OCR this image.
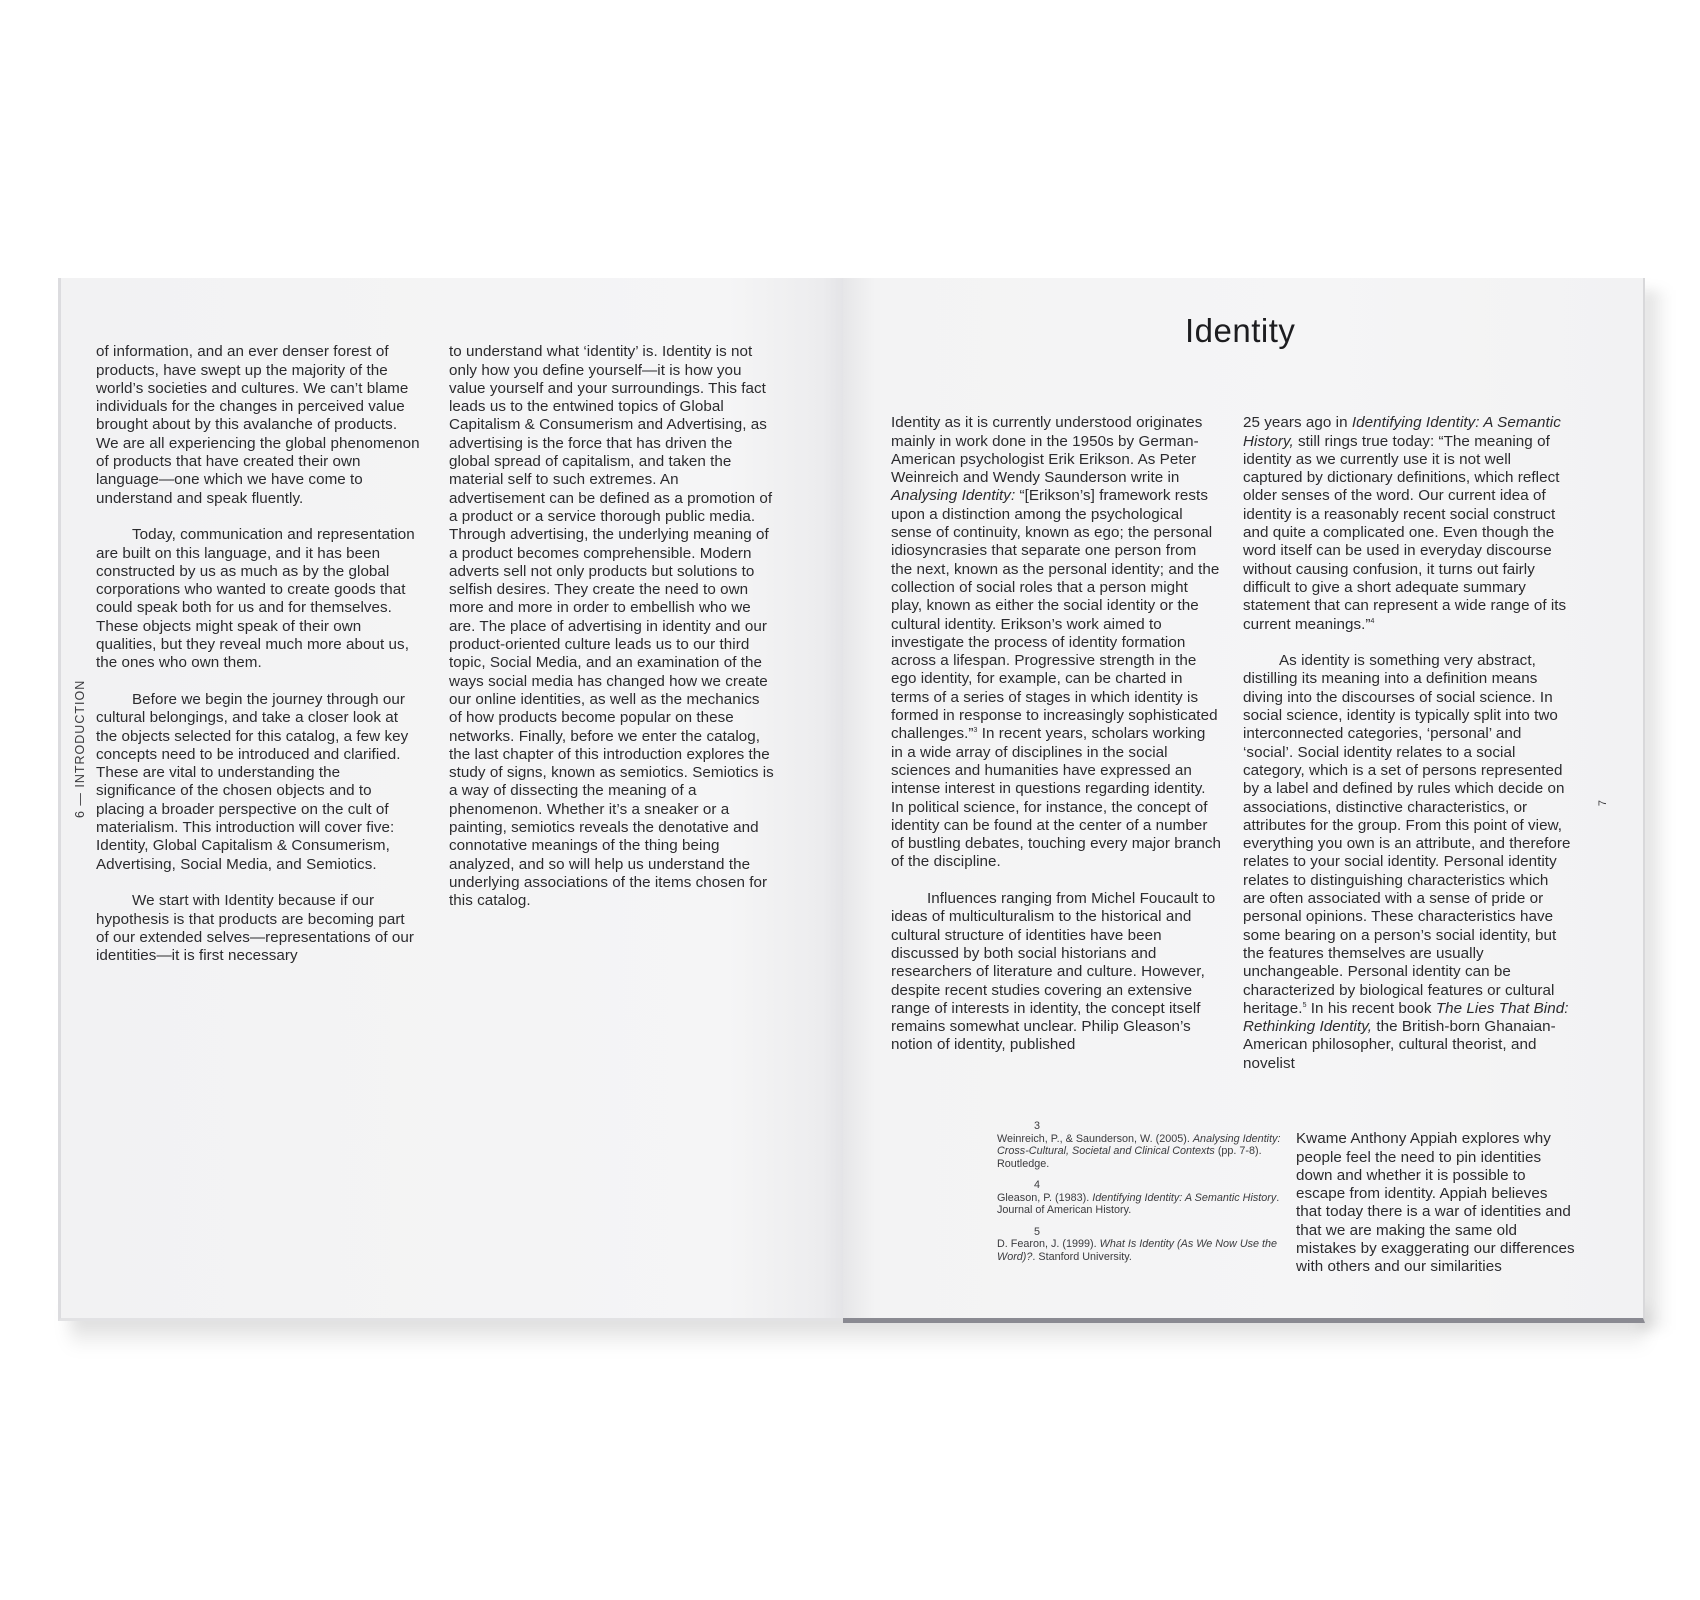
6 — INTRODUCTION

of information, and an ever denser forest of products, have swept up the majority of the world’s societies and cultures. We can’t blame individuals for the changes in perceived value brought about by this avalanche of products. We are all experiencing the global phenomenon of products that have created their own language—one which we have come to understand and speak fluently.

Today, communication and representation are built on this language, and it has been constructed by us as much as by the global corporations who wanted to create goods that could speak both for us and for themselves. These objects might speak of their own qualities, but they reveal much more about us, the ones who own them.

Before we begin the journey through our cultural belongings, and take a closer look at the objects selected for this catalog, a few key concepts need to be introduced and clarified. These are vital to understanding the significance of the chosen objects and to placing a broader perspective on the cult of materialism. This introduction will cover five: Identity, Global Capitalism & Consumerism, Advertising, Social Media, and Semiotics.

We start with Identity because if our hypothesis is that products are becoming part of our extended selves—representations of our identities—it is first necessary

to understand what ‘identity’ is. Identity is not only how you define yourself—it is how you value yourself and your surroundings. This fact leads us to the entwined topics of Global Capitalism & Consumerism and Advertising, as advertising is the force that has driven the global spread of capitalism, and taken the material self to such extremes. An advertisement can be defined as a promotion of a product or a service thorough public media. Through advertising, the underlying meaning of a product becomes comprehensible. Modern adverts sell not only products but solutions to selfish desires. They create the need to own more and more in order to embellish who we are. The place of advertising in identity and our product-oriented culture leads us to our third topic, Social Media, and an examination of the ways social media has changed how we create our online identities, as well as the mechanics of how products become popular on these networks. Finally, before we enter the catalog, the last chapter of this introduction explores the study of signs, known as semiotics. Semiotics is a way of dissecting the meaning of a phenomenon. Whether it’s a sneaker or a painting, semiotics reveals the denotative and connotative meanings of the thing being analyzed, and so will help us understand the underlying associations of the items chosen for this catalog.

Identity

Identity as it is currently understood originates mainly in work done in the 1950s by German-American psychologist Erik Erikson. As Peter Weinreich and Wendy Saunderson write in Analysing Identity: “[Erikson’s] framework rests upon a distinction among the psychological sense of continuity, known as ego; the personal idiosyncrasies that separate one person from the next, known as the personal identity; and the collection of social roles that a person might play, known as either the social identity or the cultural identity. Erikson’s work aimed to investigate the process of identity formation across a lifespan. Progressive strength in the ego identity, for example, can be charted in terms of a series of stages in which identity is formed in response to increasingly sophisticated challenges.”$^3$ In recent years, scholars working in a wide array of disciplines in the social sciences and humanities have expressed an intense interest in questions regarding identity. In political science, for instance, the concept of identity can be found at the center of a number of bustling debates, touching every major branch of the discipline.

Influences ranging from Michel Foucault to ideas of multiculturalism to the historical and cultural structure of identities have been discussed by both social historians and researchers of literature and culture. However, despite recent studies covering an extensive range of interests in identity, the concept itself remains somewhat unclear. Philip Gleason’s notion of identity, published

25 years ago in Identifying Identity: A Semantic History, still rings true today: “The meaning of identity as we currently use it is not well captured by dictionary definitions, which reflect older senses of the word. Our current idea of identity is a reasonably recent social construct and quite a complicated one. Even though the word itself can be used in everyday discourse without causing confusion, it turns out fairly difficult to give a short adequate summary statement that can represent a wide range of its current meanings.”$^4$

As identity is something very abstract, distilling its meaning into a definition means diving into the discourses of social science. In social science, identity is typically split into two interconnected categories, ‘personal’ and ‘social’. Social identity relates to a social category, which is a set of persons represented by a label and defined by rules which decide on associations, distinctive characteristics, or attributes for the group. From this point of view, everything you own is an attribute, and therefore relates to your social identity. Personal identity relates to distinguishing characteristics which are often associated with a sense of pride or personal opinions. These characteristics have some bearing on a person’s social identity, but the features themselves are usually unchangeable. Personal identity can be characterized by biological features or cultural heritage.$^5$ In his recent book The Lies That Bind: Rethinking Identity, the British-born Ghanaian-American philosopher, cultural theorist, and novelist

Kwame Anthony Appiah explores why people feel the need to pin identities down and whether it is possible to escape from identity. Appiah believes that today there is a war of identities and that we are making the same old mistakes by exaggerating our differences with others and our similarities

3
Weinreich, P., & Saunderson, W. (2005). Analysing Identity: Cross-Cultural, Societal and Clinical Contexts (pp. 7-8). Routledge.
4
Gleason, P. (1983). Identifying Identity: A Semantic History. Journal of American History.
5
D. Fearon, J. (1999). What Is Identity (As We Now Use the Word)?. Stanford University.
7
